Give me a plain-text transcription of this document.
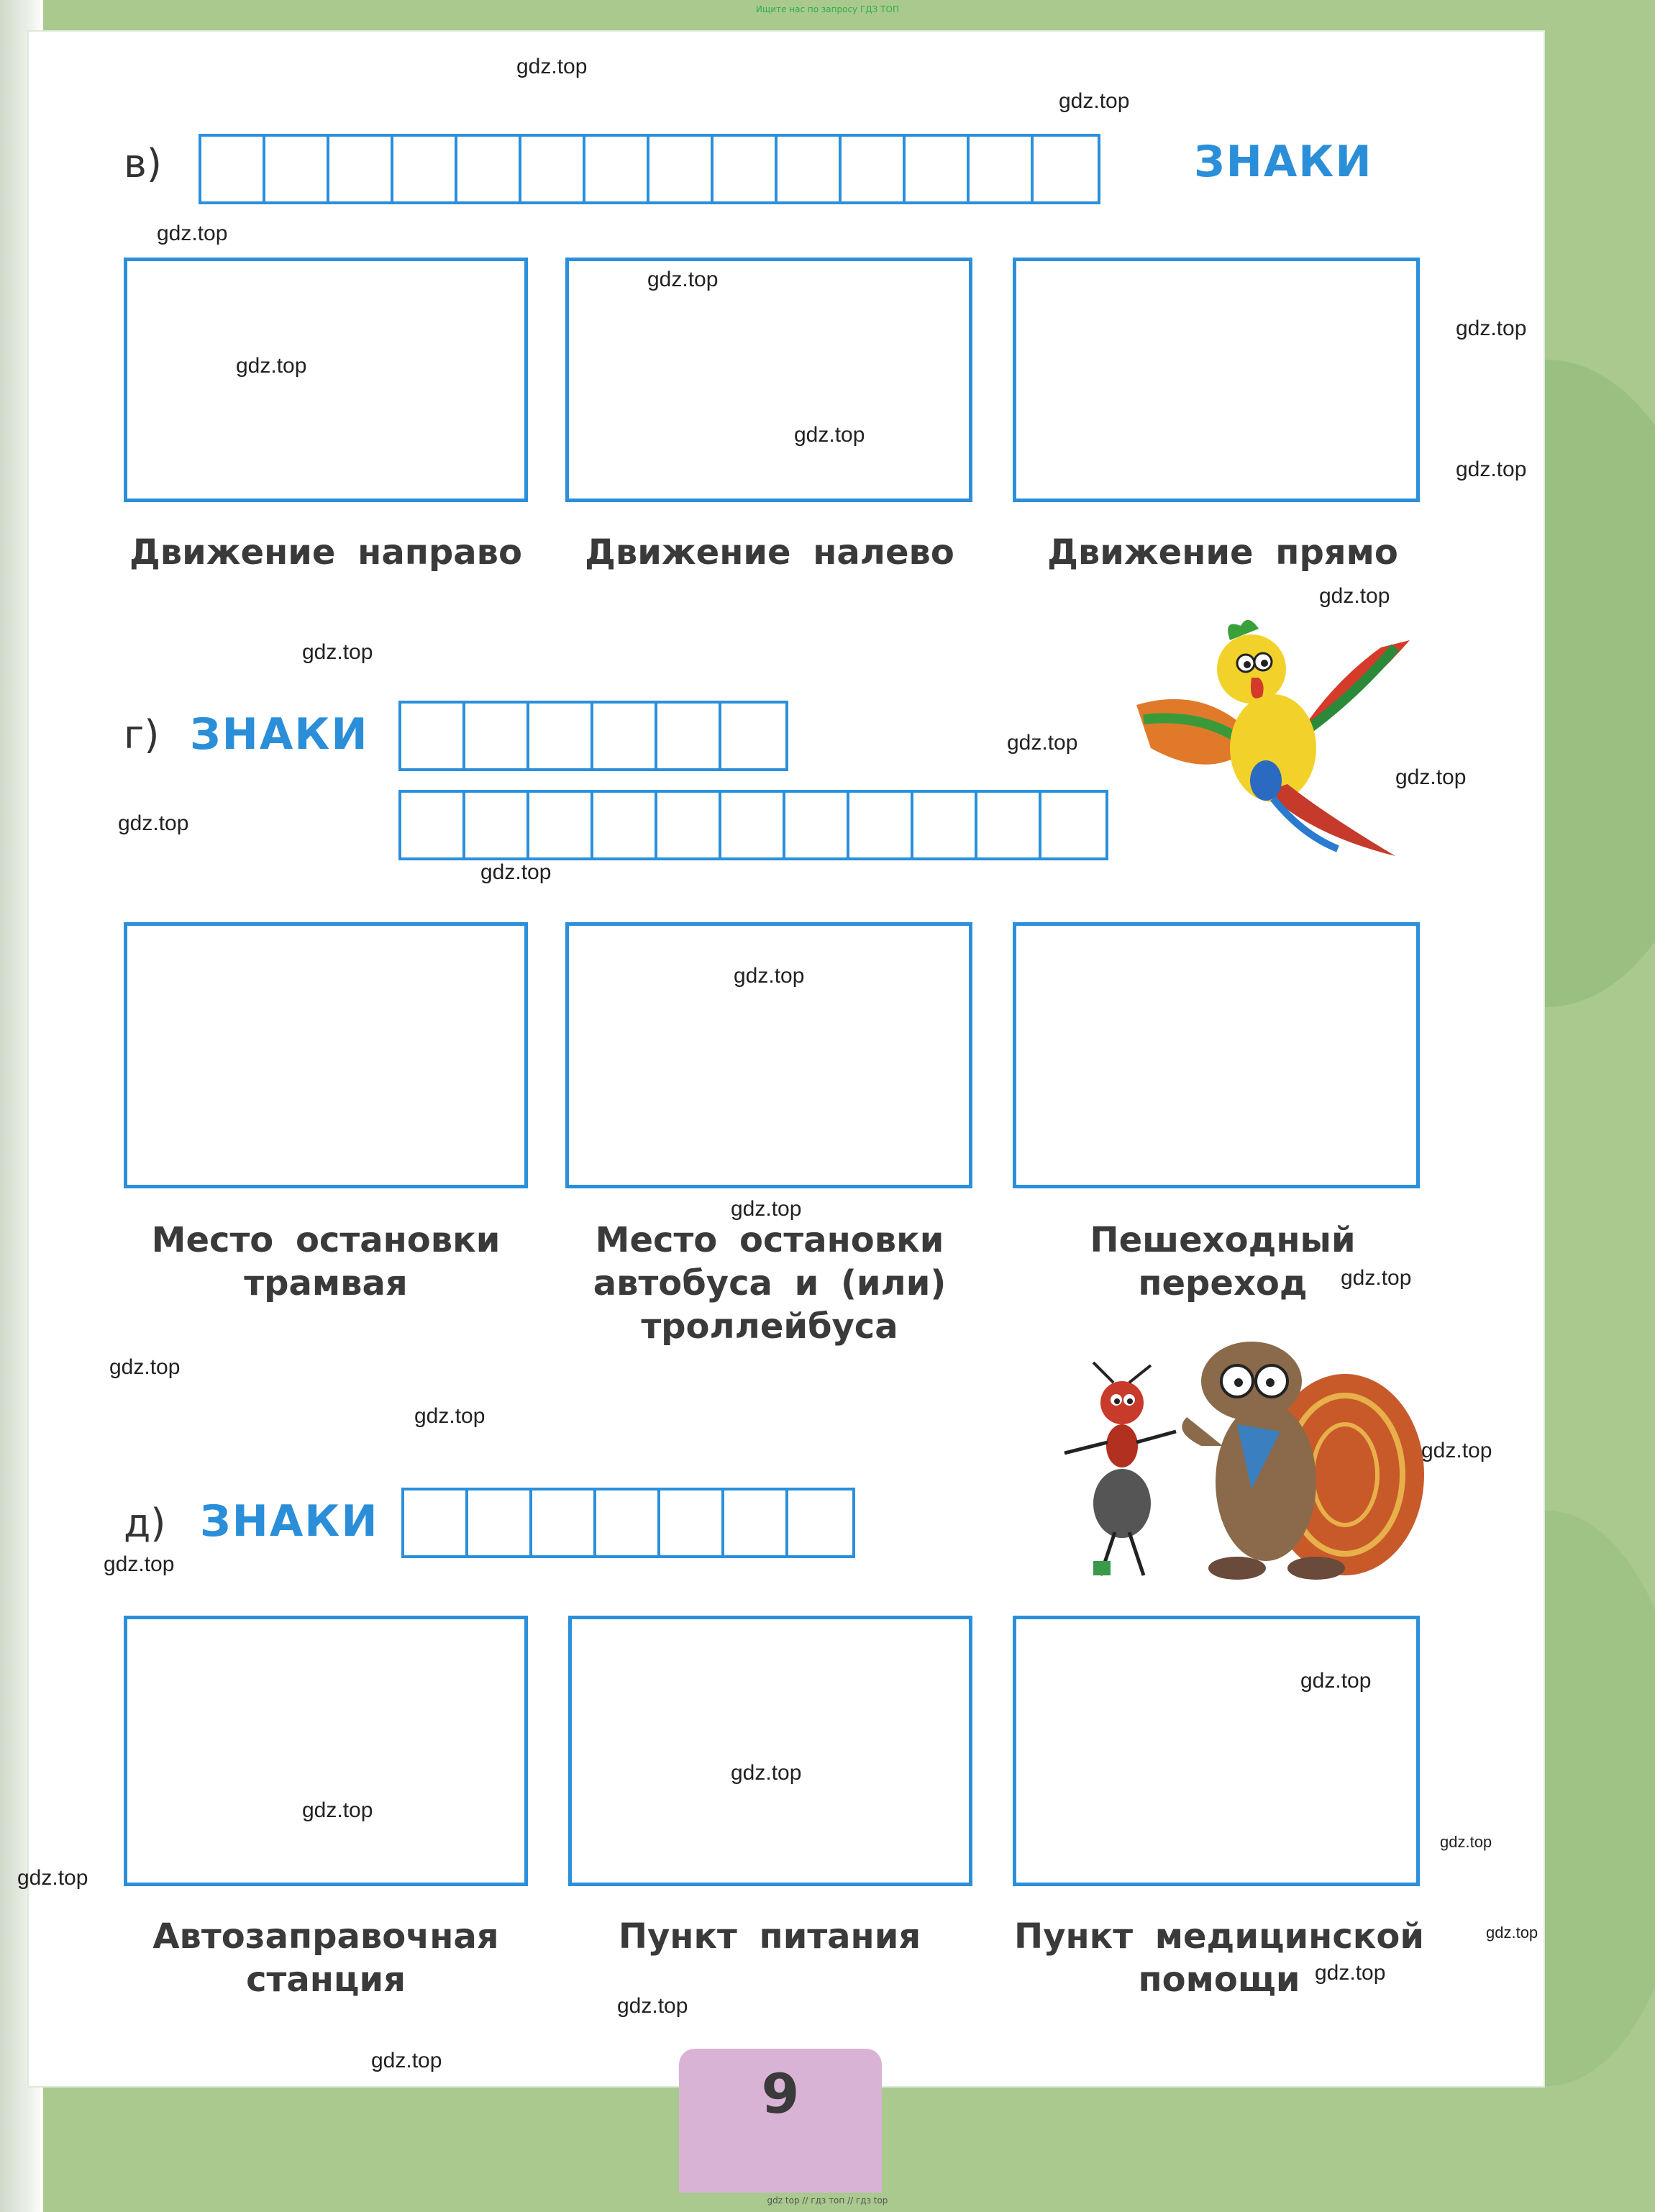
Ищите нас по запросу ГДЗ ТОП
в)	ЗНАКИ
Движение направо	Движение налево	Движение прямо
г) ЗНАКИ
Место остановки трамвая
Место остановки автобуса и (или) троллейбуса
Пешеходный переход
д) ЗНАКИ
Автозаправочная станция
Пункт питания	Пункт медицинской помощи
9
gdz.top
gdz.top
gdz.top
gdz.top
gdz.top
gdz.top
gdz.top
gdz.top
gdz.top
gdz.top
gdz.top
gdz.top
gdz.top
gdz.top
gdz.top
gdz.top
gdz.top
gdz.top
gdz.top
gdz.top
gdz.top
gdz.top
gdz.top
gdz.top
gdz.top
gdz.top
gdz.top
gdz.top
gdz.top
gdz.top
gdz top // гдз топ // гдз top
